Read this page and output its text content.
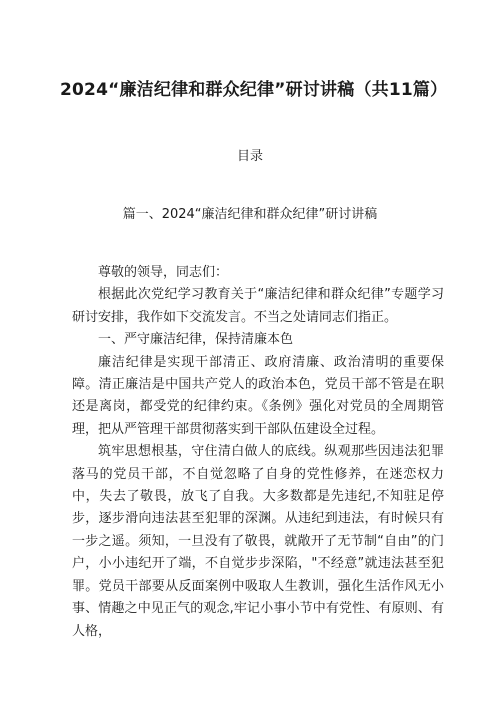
2024“廉洁纪律和群众纪律”研讨讲稿（共11篇）
目录
篇一、2024“廉洁纪律和群众纪律”研讨讲稿

尊敬的领导，同志们：

根据此次党纪学习教育关于“廉洁纪律和群众纪律”专题学习研讨安排，我作如下交流发言。不当之处请同志们指正。

一、严守廉洁纪律，保持清廉本色

廉洁纪律是实现干部清正、政府清廉、政治清明的重要保障。清正廉洁是中国共产党人的政治本色，党员干部不管是在职还是离岗，都受党的纪律约束。《条例》强化对党员的全周期管理，把从严管理干部贯彻落实到干部队伍建设全过程。

筑牢思想根基，守住清白做人的底线。纵观那些因违法犯罪落马的党员干部，不自觉忽略了自身的党性修养，在迷恋权力中，失去了敬畏，放飞了自我。大多数都是先违纪,不知驻足停步，逐步滑向违法甚至犯罪的深渊。从违纪到违法，有时候只有一步之遥。须知，一旦没有了敬畏，就敞开了无节制“自由”的门户，小小违纪开了端，不自觉步步深陷，"不经意”就违法甚至犯罪。党员干部要从反面案例中吸取人生教训，强化生活作风无小事、情趣之中见正气的观念,牢记小事小节中有党性、有原则、有人格，
